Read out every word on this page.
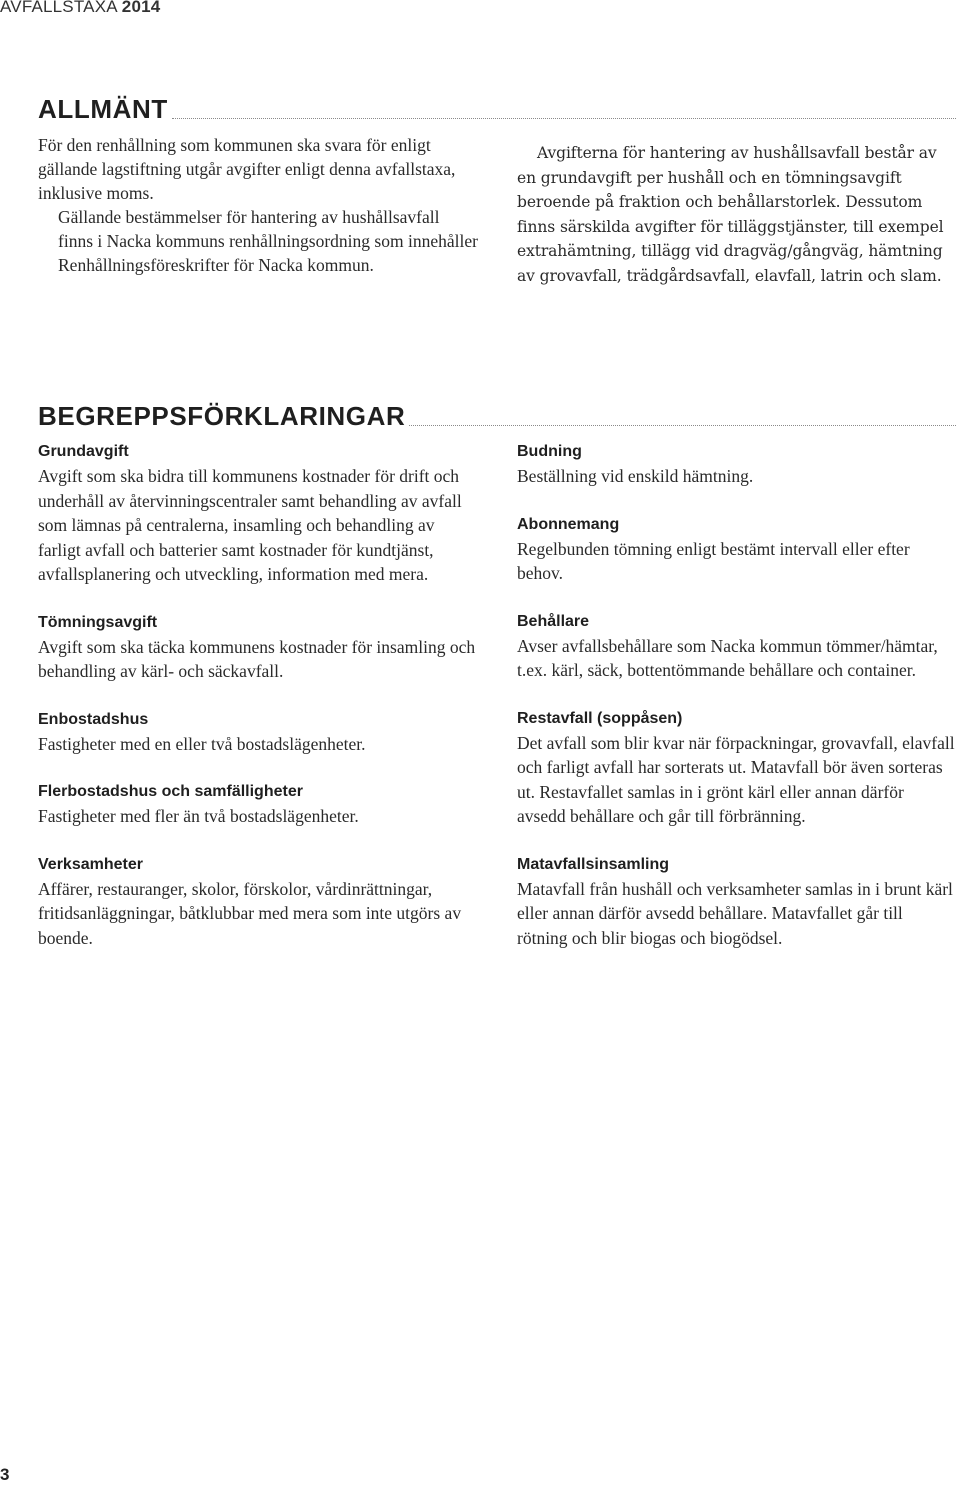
AVFALLSTAXA 2014
ALLMÄNT
För den renhållning som kommunen ska svara för enligt gällande lagstiftning utgår avgifter enligt denna avfallstaxa, inklusive moms.
Gällande bestämmelser för hantering av hushållsavfall finns i Nacka kommuns renhållningsordning som innehåller Renhållningsföreskrifter för Nacka kommun.
Avgifterna för hantering av hushållsavfall består av en grundavgift per hushåll och en tömningsavgift beroende på fraktion och behållarstorlek. Dessutom finns särskilda avgifter för tilläggstjänster, till exempel extrahämtning, tillägg vid dragväg/gångväg, hämtning av grovavfall, trädgårdsavfall, elavfall, latrin och slam.
BEGREPPSFÖRKLARINGAR

Grundavgift

Avgift som ska bidra till kommunens kostnader för drift och underhåll av återvinningscentraler samt behandling av avfall som lämnas på centralerna, insamling och behandling av farligt avfall och batterier samt kostnader för kundtjänst, avfallsplanering och utveckling, information med mera.

Tömningsavgift

Avgift som ska täcka kommunens kostnader för insamling och behandling av kärl- och säckavfall.

Enbostadshus

Fastigheter med en eller två bostadslägenheter.

Flerbostadshus och samfälligheter

Fastigheter med fler än två bostadslägenheter.

Verksamheter

Affärer, restauranger, skolor, förskolor, vårdinrättningar, fritidsanläggningar, båtklubbar med mera som inte utgörs av boende.

Budning

Beställning vid enskild hämtning.

Abonnemang

Regelbunden tömning enligt bestämt intervall eller efter behov.

Behållare

Avser avfallsbehållare som Nacka kommun tömmer/hämtar, t.ex. kärl, säck, bottentömmande behållare och container.

Restavfall (soppåsen)

Det avfall som blir kvar när förpackningar, grovavfall, elavfall och farligt avfall har sorterats ut. Matavfall bör även sorteras ut. Restavfallet samlas in i grönt kärl eller annan därför avsedd behållare och går till förbränning.

Matavfallsinsamling

Matavfall från hushåll och verksamheter samlas in i brunt kärl eller annan därför avsedd behållare. Matavfallet går till rötning och blir biogas och biogödsel.

3
